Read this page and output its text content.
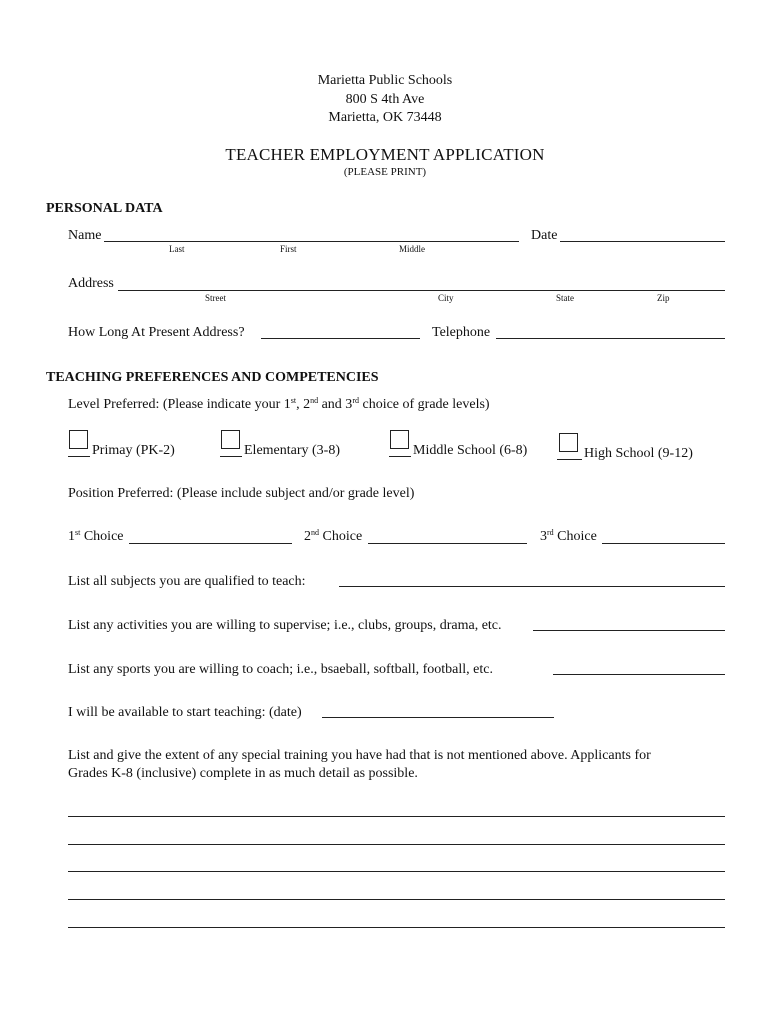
Marietta Public Schools
800 S 4th Ave
Marietta, OK 73448
TEACHER EMPLOYMENT APPLICATION
(PLEASE PRINT)
PERSONAL DATA
Name	Date
Last	First	Middle
Address
Street	City	State	Zip
How Long At Present Address?	Telephone
TEACHING PREFERENCES AND COMPETENCIES
Level Preferred: (Please indicate your 1st, 2nd and 3rd choice of grade levels)
Primay (PK-2)	Elementary (3-8)	Middle School (6-8)	High School (9-12)
Position Preferred: (Please include subject and/or grade level)
1st Choice	2nd Choice	3rd Choice
List all subjects you are qualified to teach:
List any activities you are willing to supervise; i.e., clubs, groups, drama, etc.
List any sports you are willing to coach; i.e., bsaeball, softball, football, etc.
I will be available to start teaching: (date)
List and give the extent of any special training you have had that is not mentioned above. Applicants for
Grades K-8 (inclusive) complete in as much detail as possible.
